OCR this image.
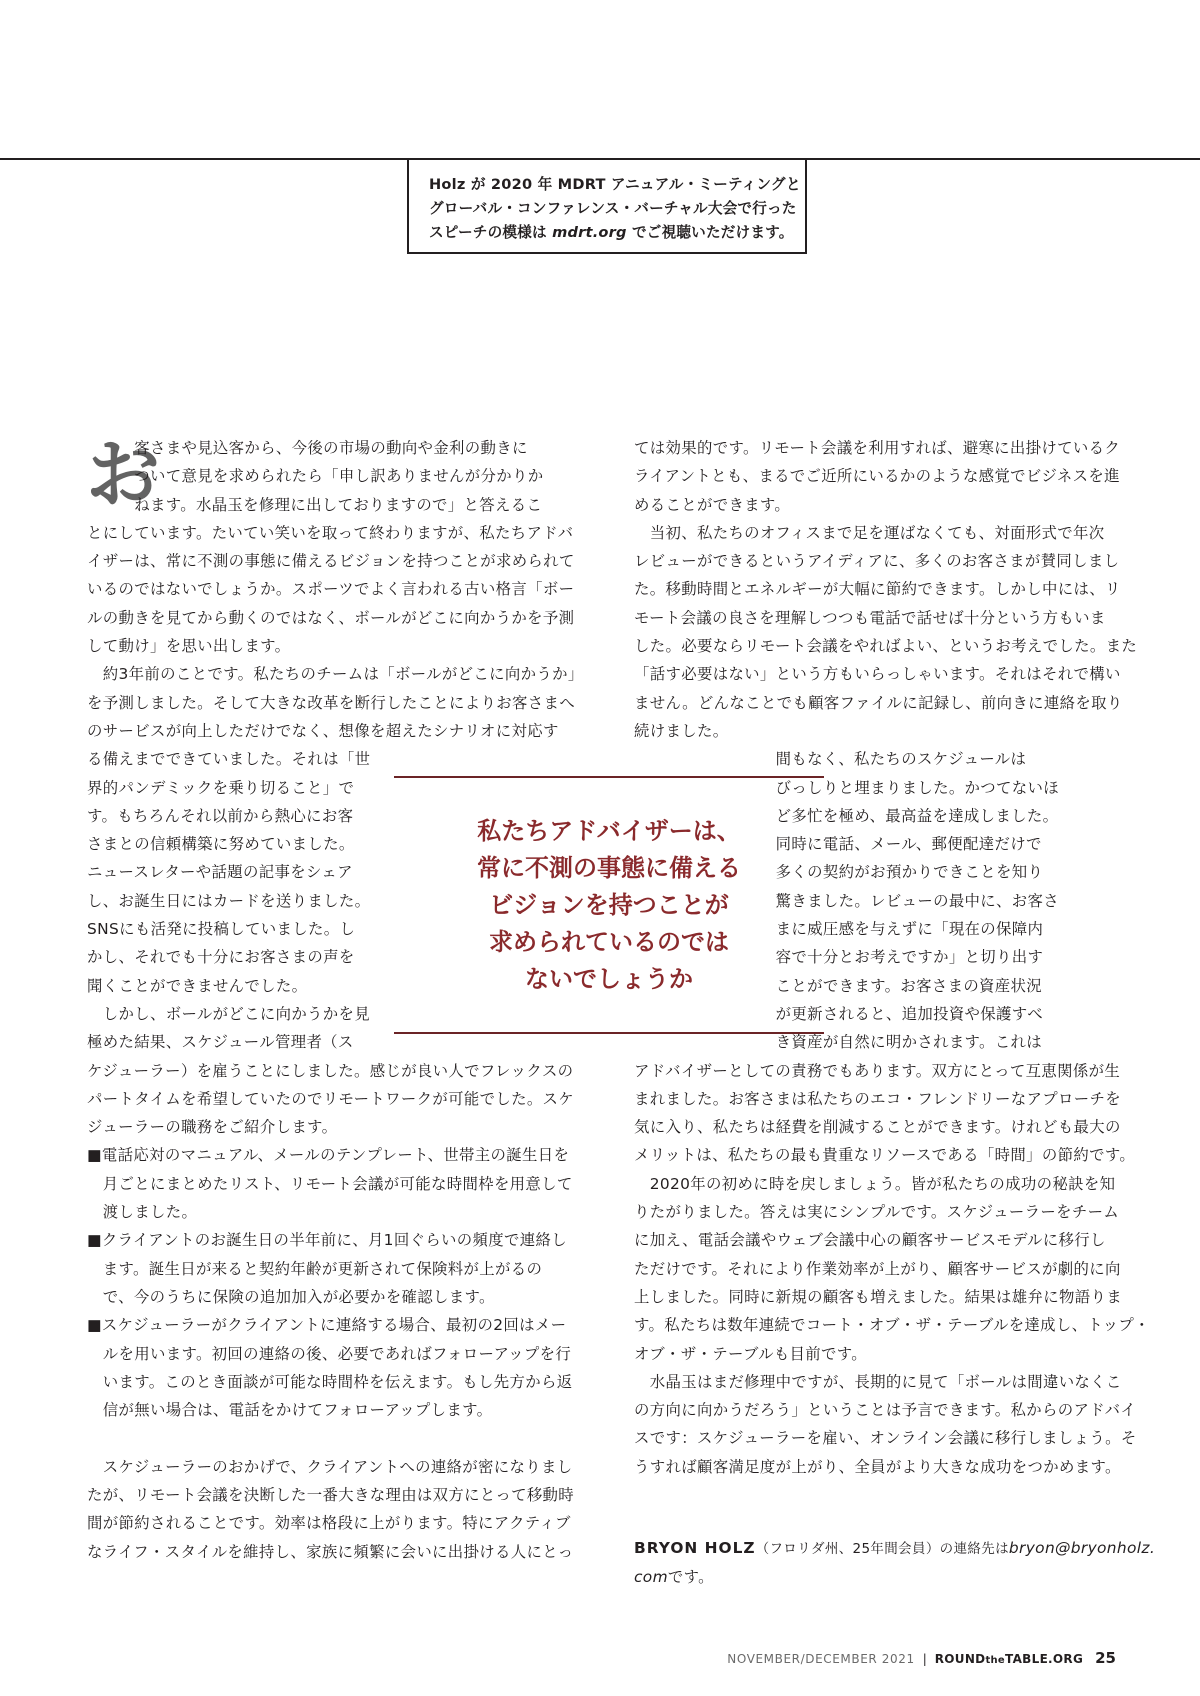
Holz が 2020 年 MDRT アニュアル・ミーティングと

グローバル・コンファレンス・バーチャル大会で行った

スピーチの模様は mdrt.org でご視聴いただけます。

お

　　　客さまや見込客から、今後の市場の動向や金利の動きに

　　　ついて意見を求められたら「申し訳ありませんが分かりか

　　　ねます。水晶玉を修理に出しておりますので」と答えるこ

とにしています。たいてい笑いを取って終わりますが、私たちアドバ

イザーは、常に不測の事態に備えるビジョンを持つことが求められて

いるのではないでしょうか。スポーツでよく言われる古い格言「ボー

ルの動きを見てから動くのではなく、ボールがどこに向かうかを予測

して動け」を思い出します。

　約3年前のことです。私たちのチームは「ボールがどこに向かうか」

を予測しました。そして大きな改革を断行したことによりお客さまへ

のサービスが向上しただけでなく、想像を超えたシナリオに対応す

る備えまでできていました。それは「世

界的パンデミックを乗り切ること」で

す。もちろんそれ以前から熱心にお客

さまとの信頼構築に努めていました。

ニュースレターや話題の記事をシェア

し、お誕生日にはカードを送りました。

SNSにも活発に投稿していました。し

かし、それでも十分にお客さまの声を

聞くことができませんでした。

　しかし、ボールがどこに向かうかを見

極めた結果、スケジュール管理者（ス

ケジューラー）を雇うことにしました。感じが良い人でフレックスの

パートタイムを希望していたのでリモートワークが可能でした。スケ

ジューラーの職務をご紹介します。

■電話応対のマニュアル、メールのテンプレート、世帯主の誕生日を

　月ごとにまとめたリスト、リモート会議が可能な時間枠を用意して

　渡しました。

■クライアントのお誕生日の半年前に、月1回ぐらいの頻度で連絡し

　ます。誕生日が来ると契約年齢が更新されて保険料が上がるの

　で、今のうちに保険の追加加入が必要かを確認します。

■スケジューラーがクライアントに連絡する場合、最初の2回はメー

　ルを用います。初回の連絡の後、必要であればフォローアップを行

　います。このとき面談が可能な時間枠を伝えます。もし先方から返

　信が無い場合は、電話をかけてフォローアップします。

　スケジューラーのおかげで、クライアントへの連絡が密になりまし

たが、リモート会議を決断した一番大きな理由は双方にとって移動時

間が節約されることです。効率は格段に上がります。特にアクティブ

なライフ・スタイルを維持し、家族に頻繁に会いに出掛ける人にとっ

ては効果的です。リモート会議を利用すれば、避寒に出掛けているク

ライアントとも、まるでご近所にいるかのような感覚でビジネスを進

めることができます。

　当初、私たちのオフィスまで足を運ばなくても、対面形式で年次

レビューができるというアイディアに、多くのお客さまが賛同しまし

た。移動時間とエネルギーが大幅に節約できます。しかし中には、リ

モート会議の良さを理解しつつも電話で話せば十分という方もいま

した。必要ならリモート会議をやればよい、というお考えでした。また

「話す必要はない」という方もいらっしゃいます。それはそれで構い

ません。どんなことでも顧客ファイルに記録し、前向きに連絡を取り

続けました。

　　　　　　　　　間もなく、私たちのスケジュールは

　　　　　　　　　びっしりと埋まりました。かつてないほ

　　　　　　　　　ど多忙を極め、最高益を達成しました。

　　　　　　　　　同時に電話、メール、郵便配達だけで

　　　　　　　　　多くの契約がお預かりできことを知り

　　　　　　　　　驚きました。レビューの最中に、お客さ

　　　　　　　　　まに威圧感を与えずに「現在の保障内

　　　　　　　　　容で十分とお考えですか」と切り出す

　　　　　　　　　ことができます。お客さまの資産状況

　　　　　　　　　が更新されると、追加投資や保護すべ

　　　　　　　　　き資産が自然に明かされます。これは

アドバイザーとしての責務でもあります。双方にとって互恵関係が生

まれました。お客さまは私たちのエコ・フレンドリーなアプローチを

気に入り、私たちは経費を削減することができます。けれども最大の

メリットは、私たちの最も貴重なリソースである「時間」の節約です。

　2020年の初めに時を戻しましょう。皆が私たちの成功の秘訣を知

りたがりました。答えは実にシンプルです。スケジューラーをチーム

に加え、電話会議やウェブ会議中心の顧客サービスモデルに移行し

ただけです。それにより作業効率が上がり、顧客サービスが劇的に向

上しました。同時に新規の顧客も増えました。結果は雄弁に物語りま

す。私たちは数年連続でコート・オブ・ザ・テーブルを達成し、トップ・

オブ・ザ・テーブルも目前です。

　水晶玉はまだ修理中ですが、長期的に見て「ボールは間違いなくこ

の方向に向かうだろう」ということは予言できます。私からのアドバイ

スです：スケジューラーを雇い、オンライン会議に移行しましょう。そ

うすれば顧客満足度が上がり、全員がより大きな成功をつかめます。

私たちアドバイザーは、

常に不測の事態に備える

ビジョンを持つことが

求められているのでは

ないでしょうか

BRYON HOLZ（フロリダ州、25年間会員）の連絡先はbryon@bryonholz.

comです。

NOVEMBER/DECEMBER 2021 | ROUNDtheTABLE.ORG 25
